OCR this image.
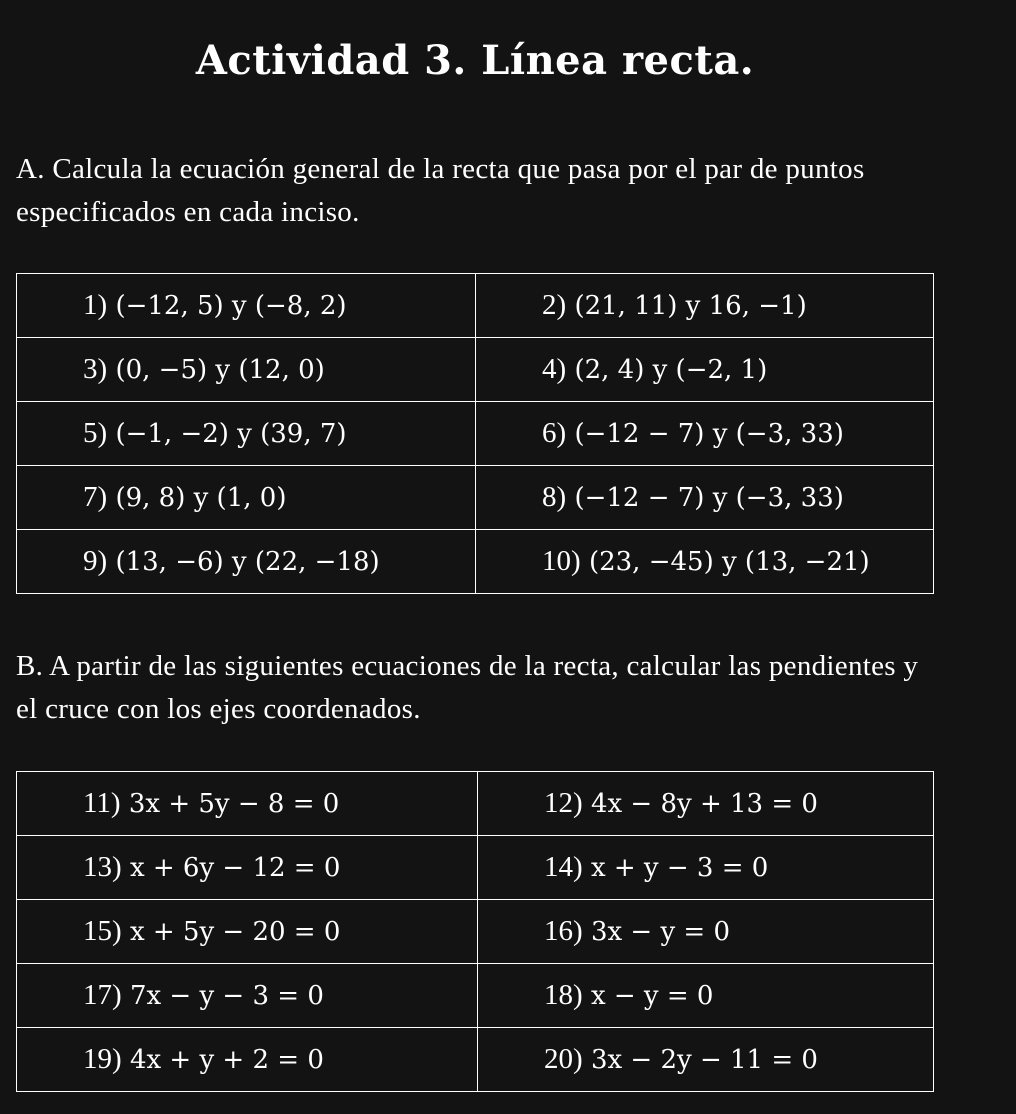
Actividad 3. Línea recta.
A. Calcula la ecuación general de la recta que pasa por el par de puntos especificados en cada inciso.
1) (−12, 5) y (−8, 2)	2) (21, 11) y 16, −1)
3) (0, −5) y (12, 0)	4) (2, 4) y (−2, 1)
5) (−1, −2) y (39, 7)	6) (−12 − 7) y (−3, 33)
7) (9, 8) y (1, 0)	8) (−12 − 7) y (−3, 33)
9) (13, −6) y (22, −18)	10) (23, −45) y (13, −21)
B. A partir de las siguientes ecuaciones de la recta, calcular las pendientes y el cruce con los ejes coordenados.
11) 3x + 5y − 8 = 0	12) 4x − 8y + 13 = 0
13) x + 6y − 12 = 0	14) x + y − 3 = 0
15) x + 5y − 20 = 0	16) 3x − y = 0
17) 7x − y − 3 = 0	18) x − y = 0
19) 4x + y + 2 = 0	20) 3x − 2y − 11 = 0
